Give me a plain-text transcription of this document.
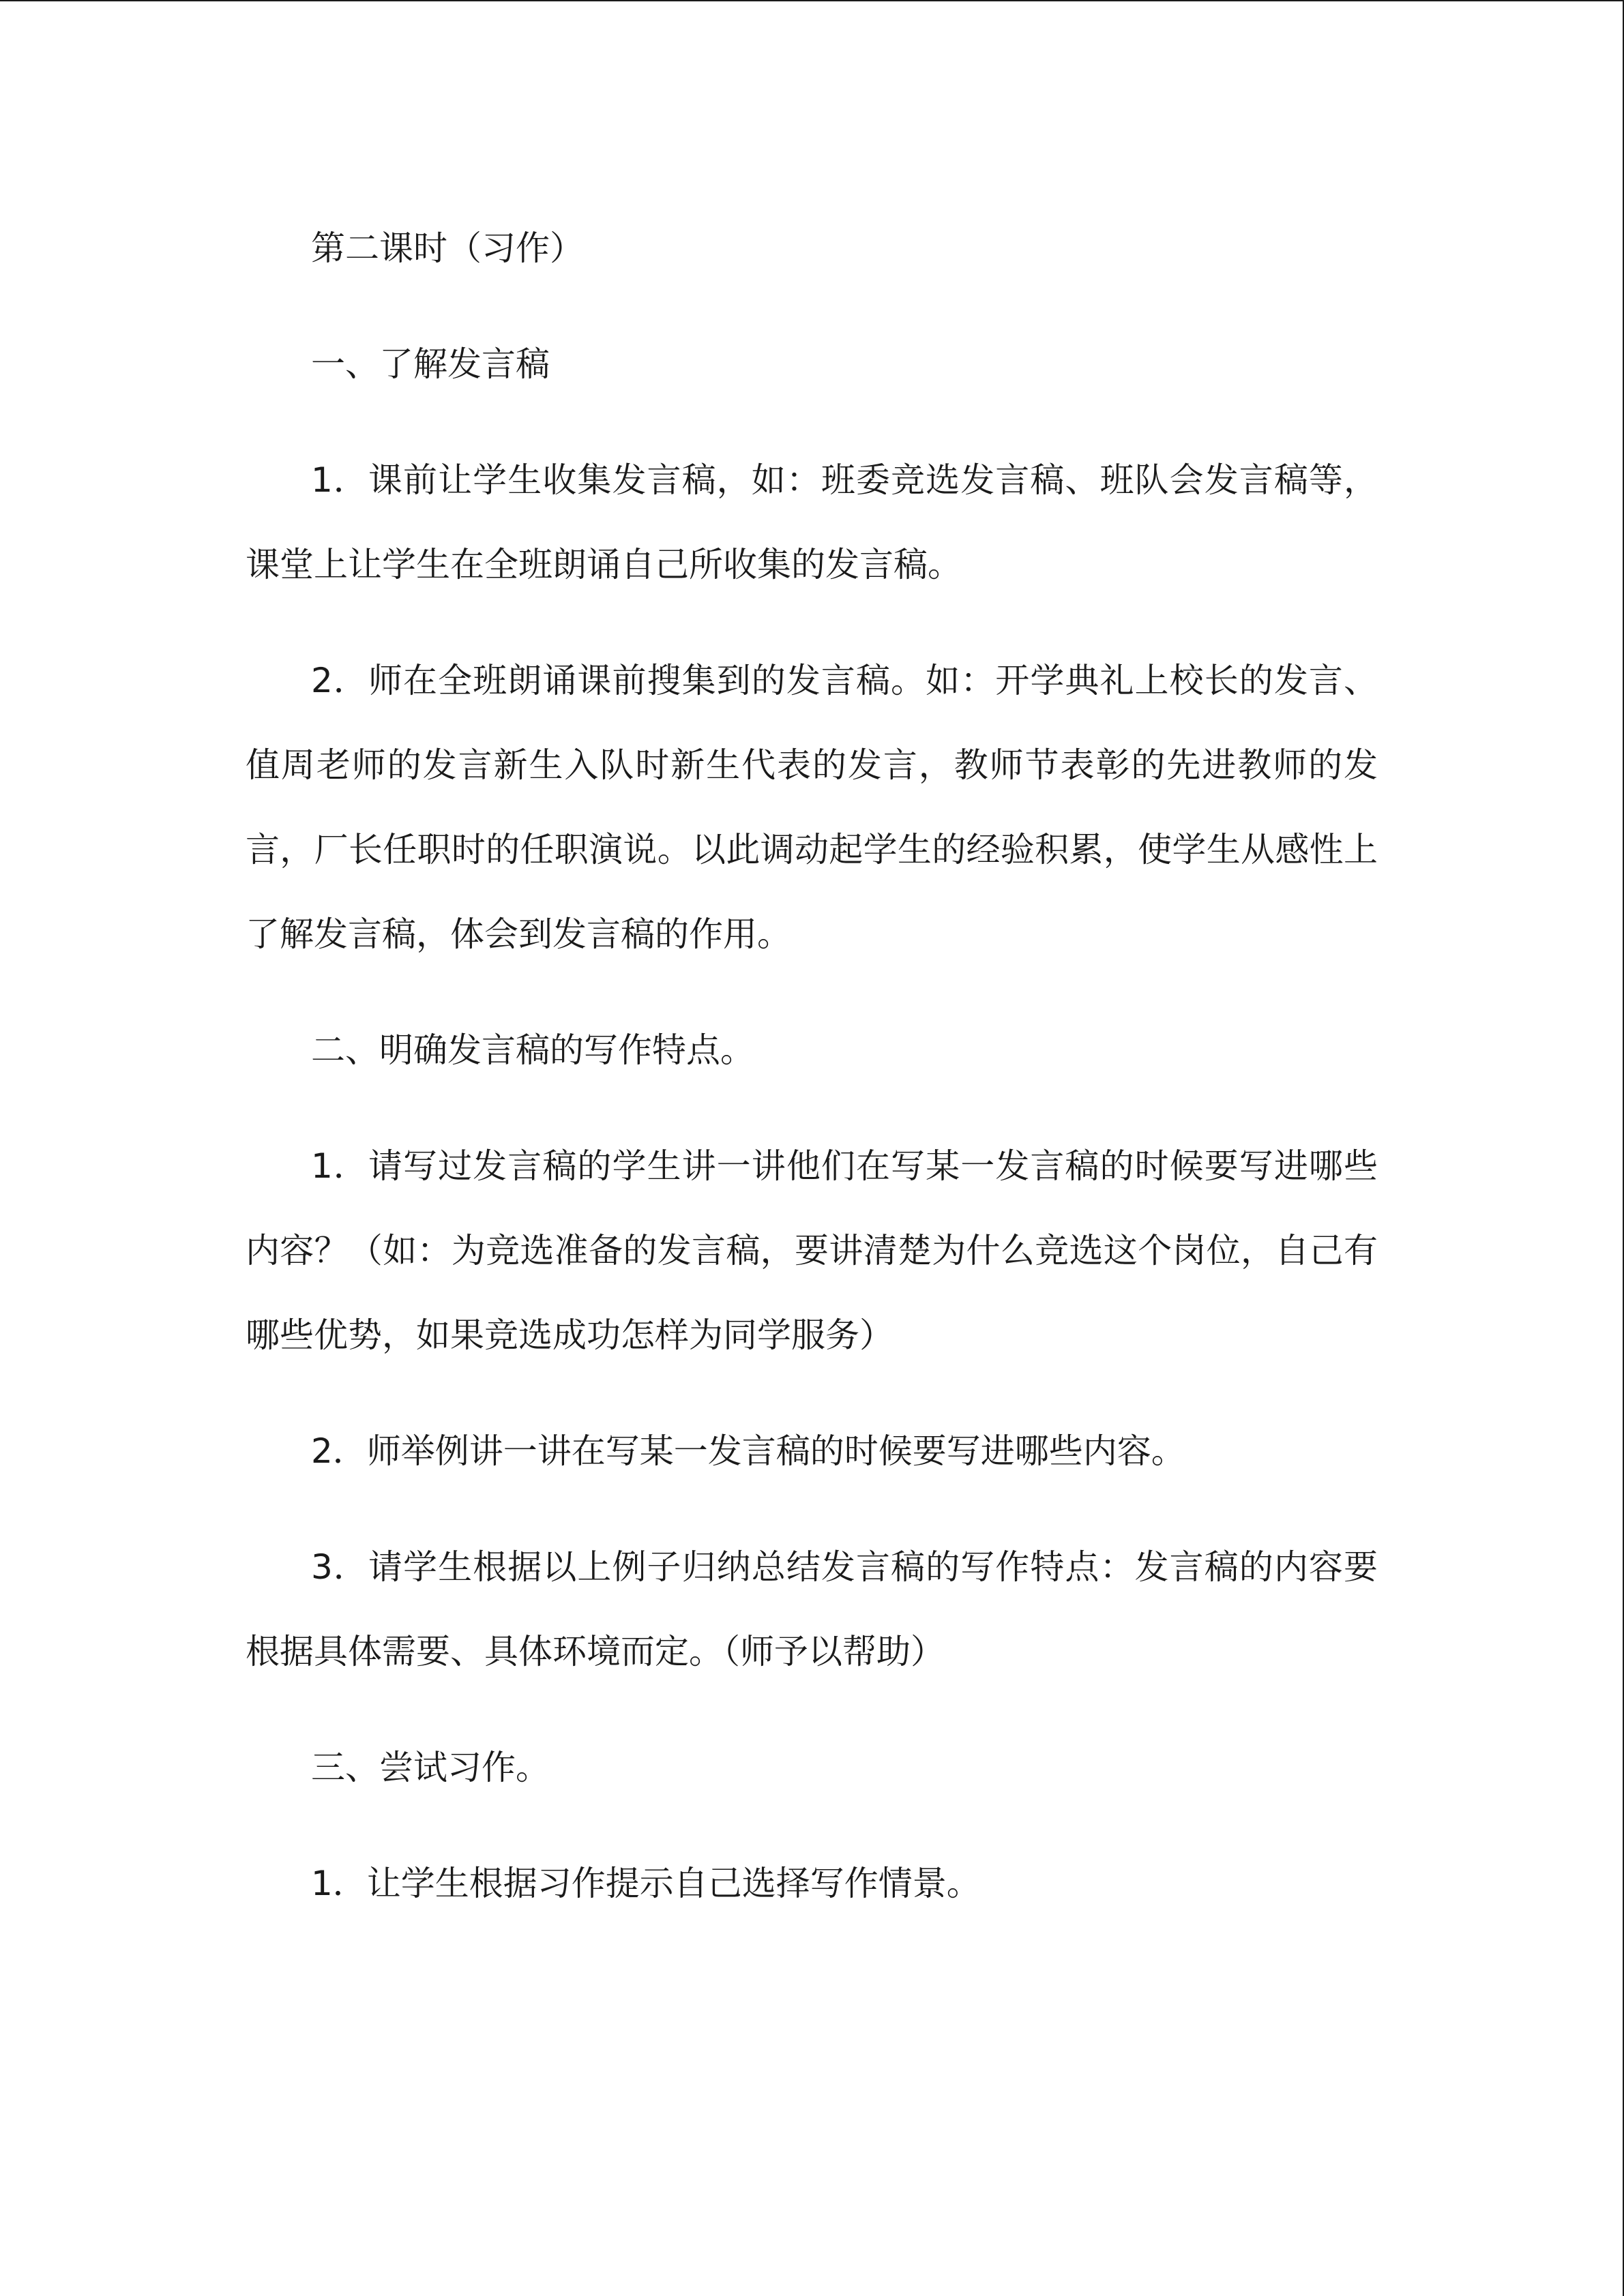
第二课时（习作）

一、了解发言稿

1．课前让学生收集发言稿，如：班委竞选发言稿、班队会发言稿等，课堂上让学生在全班朗诵自己所收集的发言稿。

2．师在全班朗诵课前搜集到的发言稿。如：开学典礼上校长的发言、值周老师的发言新生入队时新生代表的发言，教师节表彰的先进教师的发言，厂长任职时的任职演说。以此调动起学生的经验积累，使学生从感性上了解发言稿，体会到发言稿的作用。

二、明确发言稿的写作特点。

1．请写过发言稿的学生讲一讲他们在写某一发言稿的时候要写进哪些内容？（如：为竞选准备的发言稿，要讲清楚为什么竞选这个岗位，自己有哪些优势，如果竞选成功怎样为同学服务）

2．师举例讲一讲在写某一发言稿的时候要写进哪些内容。

3．请学生根据以上例子归纳总结发言稿的写作特点：发言稿的内容要根据具体需要、具体环境而定。（师予以帮助）

三、尝试习作。

1．让学生根据习作提示自己选择写作情景。
